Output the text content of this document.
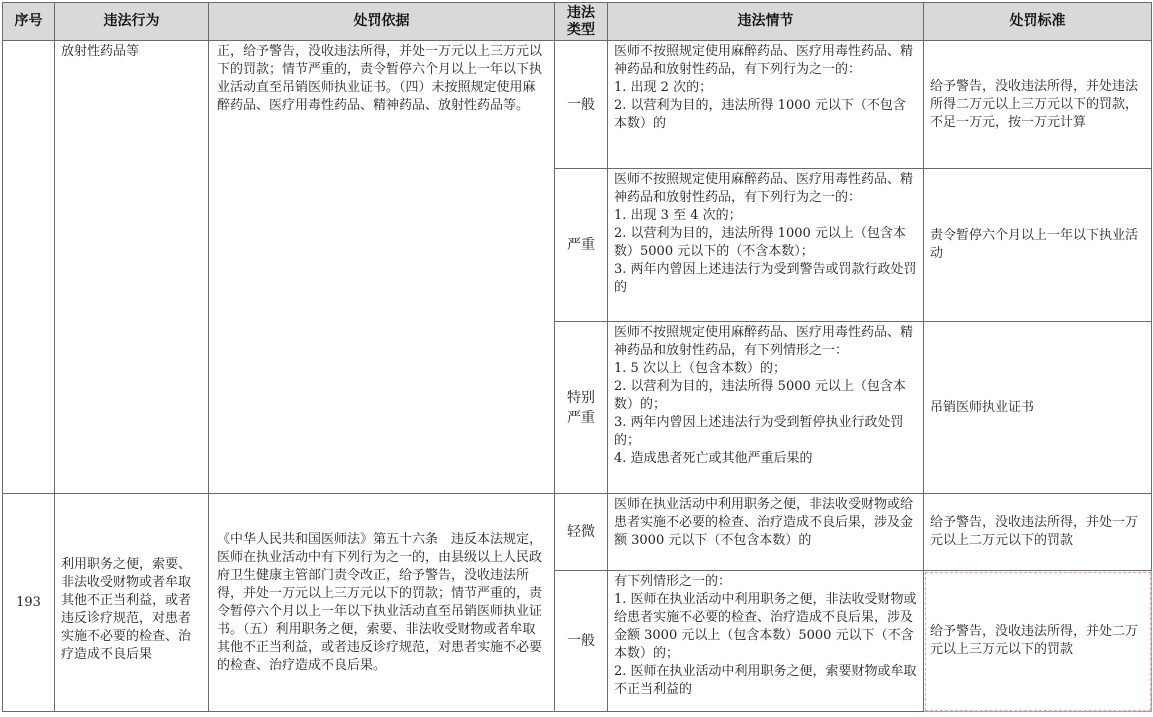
序号	违法行为	处罚依据	违法
类型	违法情节	处罚标准
	放射性药品等	正，给予警告，没收违法所得，并处一万元以上三万元以下的罚款；情节严重的，责令暂停六个月以上一年以下执业活动直至吊销医师执业证书。（四）未按照规定使用麻醉药品、医疗用毒性药品、精神药品、放射性药品等。	一般	医师不按照规定使用麻醉药品、医疗用毒性药品、精神药品和放射性药品，有下列行为之一的：
1. 出现 2 次的；
2. 以营利为目的，违法所得 1000 元以下（不包含本数）的	给予警告，没收违法所得，并处违法所得二万元以上三万元以下的罚款，不足一万元，按一万元计算
			严重	医师不按照规定使用麻醉药品、医疗用毒性药品、精神药品和放射性药品，有下列行为之一的：
1. 出现 3 至 4 次的；
2. 以营利为目的，违法所得 1000 元以上（包含本数）5000 元以下的（不含本数）；
3. 两年内曾因上述违法行为受到警告或罚款行政处罚的	责令暂停六个月以上一年以下执业活动

			特别
严重	医师不按照规定使用麻醉药品、医疗用毒性药品、精神药品和放射性药品，有下列情形之一：
1. 5 次以上（包含本数）的；
2. 以营利为目的，违法所得 5000 元以上（包含本数）的；
3. 两年内曾因上述违法行为受到暂停执业行政处罚的；
4. 造成患者死亡或其他严重后果的	吊销医师执业证书
193	利用职务之便，索要、非法收受财物或者牟取其他不正当利益，或者违反诊疗规范，对患者实施不必要的检查、治疗造成不良后果	《中华人民共和国医师法》第五十六条　违反本法规定，医师在执业活动中有下列行为之一的，由县级以上人民政府卫生健康主管部门责令改正，给予警告，没收违法所得，并处一万元以上三万元以下的罚款；情节严重的，责令暂停六个月以上一年以下执业活动直至吊销医师执业证书。（五）利用职务之便，索要、非法收受财物或者牟取其他不正当利益，或者违反诊疗规范，对患者实施不必要的检查、治疗造成不良后果。	轻微	医师在执业活动中利用职务之便，非法收受财物或给患者实施不必要的检查、治疗造成不良后果，涉及金额 3000 元以下（不包含本数）的	给予警告，没收违法所得，并处一万元以上二万元以下的罚款
			一般	有下列情形之一的：
1. 医师在执业活动中利用职务之便，非法收受财物或给患者实施不必要的检查、治疗造成不良后果，涉及金额 3000 元以上（包含本数）5000 元以下（不含本数）的；
2. 医师在执业活动中利用职务之便，索要财物或牟取不正当利益的	给予警告，没收违法所得，并处二万元以上三万元以下的罚款
